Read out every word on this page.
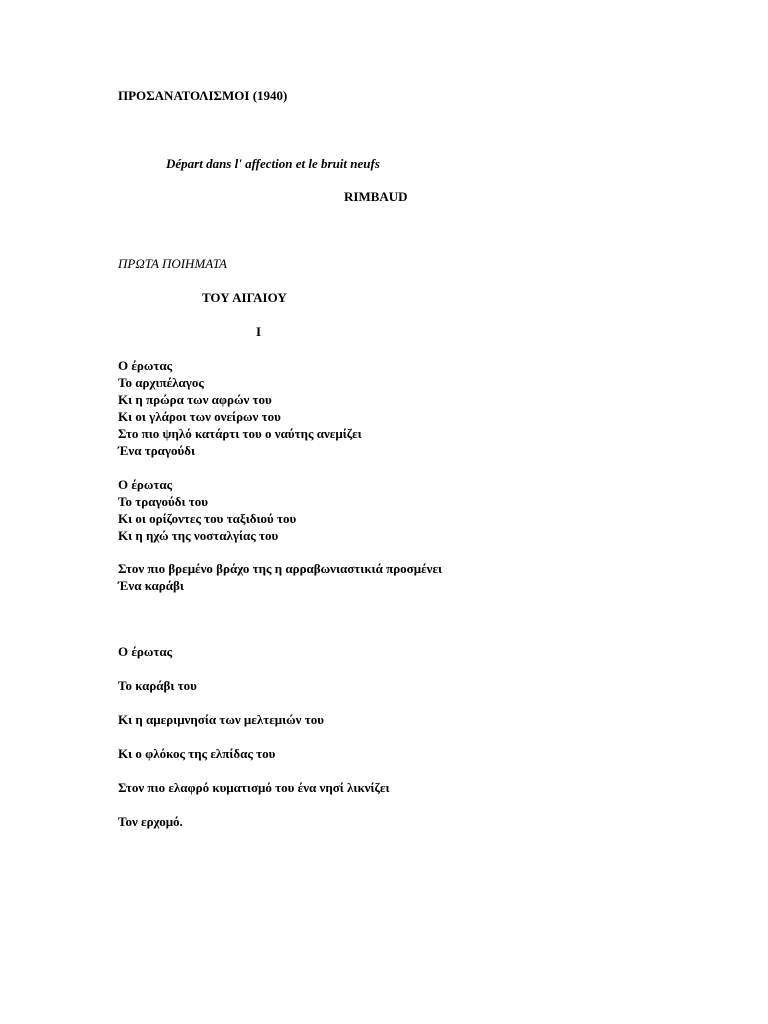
ΠΡΟΣΑΝΑΤΟΛΙΣΜΟΙ (1940)
Départ dans l' affection et le bruit neufs
RIMBAUD
ΠΡΩΤΑ ΠΟΙΗΜΑΤΑ
ΤΟΥ ΑΙΓΑΙΟΥ
Ι
Ο έρωτας
Το αρχιπέλαγος
Κι η πρώρα των αφρών του
Κι οι γλάροι των ονείρων του
Στο πιο ψηλό κατάρτι του ο ναύτης ανεμίζει
Ένα τραγούδι
Ο έρωτας
Το τραγούδι του
Κι οι ορίζοντες του ταξιδιού του
Κι η ηχώ της νοσταλγίας του
Στον πιο βρεμένο βράχο της η αρραβωνιαστικιά προσμένει
Ένα καράβι
Ο έρωτας
Το καράβι του
Κι η αμεριμνησία των μελτεμιών του
Κι ο φλόκος της ελπίδας του
Στον πιο ελαφρό κυματισμό του ένα νησί λικνίζει
Τον ερχομό.
